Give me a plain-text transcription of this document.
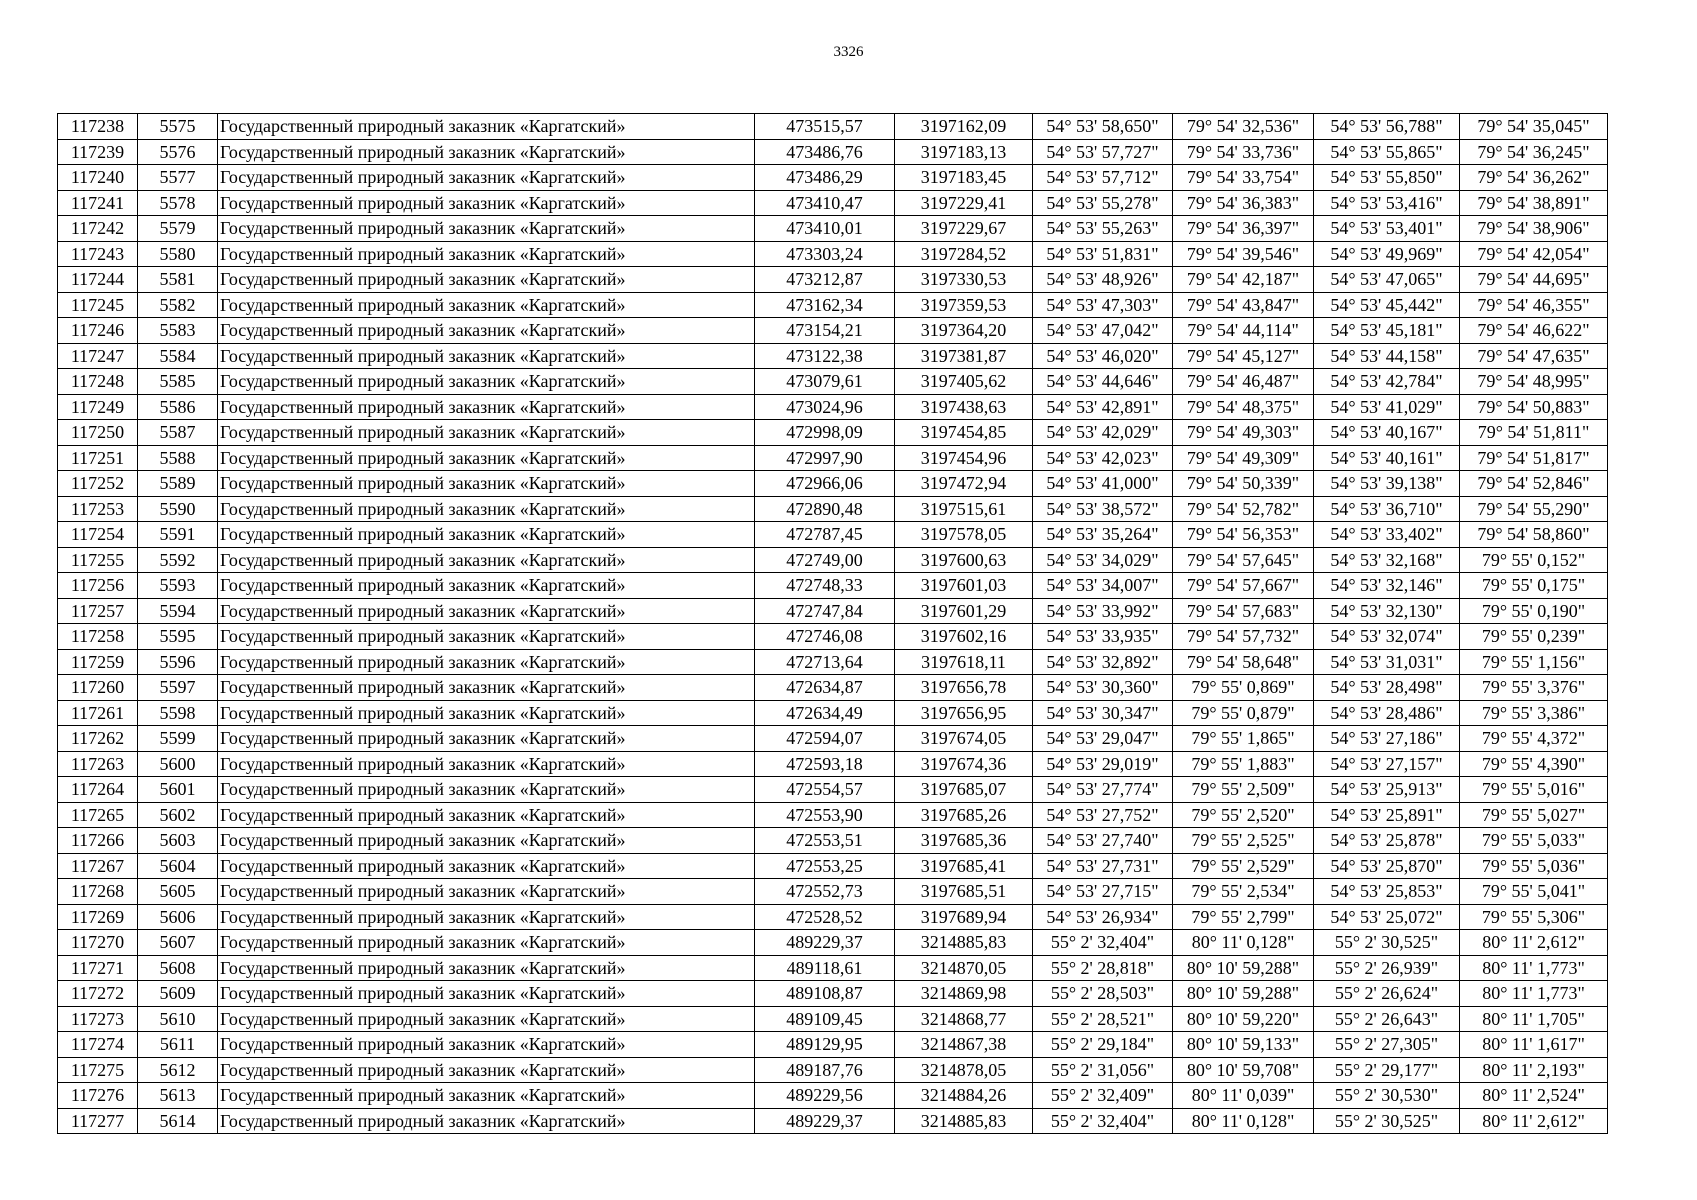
3326
117238	5575	Государственный природный заказник «Каргатский»	473515,57	3197162,09	54° 53' 58,650"	79° 54' 32,536"	54° 53' 56,788"	79° 54' 35,045"
117239	5576	Государственный природный заказник «Каргатский»	473486,76	3197183,13	54° 53' 57,727"	79° 54' 33,736"	54° 53' 55,865"	79° 54' 36,245"
117240	5577	Государственный природный заказник «Каргатский»	473486,29	3197183,45	54° 53' 57,712"	79° 54' 33,754"	54° 53' 55,850"	79° 54' 36,262"
117241	5578	Государственный природный заказник «Каргатский»	473410,47	3197229,41	54° 53' 55,278"	79° 54' 36,383"	54° 53' 53,416"	79° 54' 38,891"
117242	5579	Государственный природный заказник «Каргатский»	473410,01	3197229,67	54° 53' 55,263"	79° 54' 36,397"	54° 53' 53,401"	79° 54' 38,906"
117243	5580	Государственный природный заказник «Каргатский»	473303,24	3197284,52	54° 53' 51,831"	79° 54' 39,546"	54° 53' 49,969"	79° 54' 42,054"
117244	5581	Государственный природный заказник «Каргатский»	473212,87	3197330,53	54° 53' 48,926"	79° 54' 42,187"	54° 53' 47,065"	79° 54' 44,695"
117245	5582	Государственный природный заказник «Каргатский»	473162,34	3197359,53	54° 53' 47,303"	79° 54' 43,847"	54° 53' 45,442"	79° 54' 46,355"
117246	5583	Государственный природный заказник «Каргатский»	473154,21	3197364,20	54° 53' 47,042"	79° 54' 44,114"	54° 53' 45,181"	79° 54' 46,622"
117247	5584	Государственный природный заказник «Каргатский»	473122,38	3197381,87	54° 53' 46,020"	79° 54' 45,127"	54° 53' 44,158"	79° 54' 47,635"
117248	5585	Государственный природный заказник «Каргатский»	473079,61	3197405,62	54° 53' 44,646"	79° 54' 46,487"	54° 53' 42,784"	79° 54' 48,995"
117249	5586	Государственный природный заказник «Каргатский»	473024,96	3197438,63	54° 53' 42,891"	79° 54' 48,375"	54° 53' 41,029"	79° 54' 50,883"
117250	5587	Государственный природный заказник «Каргатский»	472998,09	3197454,85	54° 53' 42,029"	79° 54' 49,303"	54° 53' 40,167"	79° 54' 51,811"
117251	5588	Государственный природный заказник «Каргатский»	472997,90	3197454,96	54° 53' 42,023"	79° 54' 49,309"	54° 53' 40,161"	79° 54' 51,817"
117252	5589	Государственный природный заказник «Каргатский»	472966,06	3197472,94	54° 53' 41,000"	79° 54' 50,339"	54° 53' 39,138"	79° 54' 52,846"
117253	5590	Государственный природный заказник «Каргатский»	472890,48	3197515,61	54° 53' 38,572"	79° 54' 52,782"	54° 53' 36,710"	79° 54' 55,290"
117254	5591	Государственный природный заказник «Каргатский»	472787,45	3197578,05	54° 53' 35,264"	79° 54' 56,353"	54° 53' 33,402"	79° 54' 58,860"
117255	5592	Государственный природный заказник «Каргатский»	472749,00	3197600,63	54° 53' 34,029"	79° 54' 57,645"	54° 53' 32,168"	79° 55' 0,152"
117256	5593	Государственный природный заказник «Каргатский»	472748,33	3197601,03	54° 53' 34,007"	79° 54' 57,667"	54° 53' 32,146"	79° 55' 0,175"
117257	5594	Государственный природный заказник «Каргатский»	472747,84	3197601,29	54° 53' 33,992"	79° 54' 57,683"	54° 53' 32,130"	79° 55' 0,190"
117258	5595	Государственный природный заказник «Каргатский»	472746,08	3197602,16	54° 53' 33,935"	79° 54' 57,732"	54° 53' 32,074"	79° 55' 0,239"
117259	5596	Государственный природный заказник «Каргатский»	472713,64	3197618,11	54° 53' 32,892"	79° 54' 58,648"	54° 53' 31,031"	79° 55' 1,156"
117260	5597	Государственный природный заказник «Каргатский»	472634,87	3197656,78	54° 53' 30,360"	79° 55' 0,869"	54° 53' 28,498"	79° 55' 3,376"
117261	5598	Государственный природный заказник «Каргатский»	472634,49	3197656,95	54° 53' 30,347"	79° 55' 0,879"	54° 53' 28,486"	79° 55' 3,386"
117262	5599	Государственный природный заказник «Каргатский»	472594,07	3197674,05	54° 53' 29,047"	79° 55' 1,865"	54° 53' 27,186"	79° 55' 4,372"
117263	5600	Государственный природный заказник «Каргатский»	472593,18	3197674,36	54° 53' 29,019"	79° 55' 1,883"	54° 53' 27,157"	79° 55' 4,390"
117264	5601	Государственный природный заказник «Каргатский»	472554,57	3197685,07	54° 53' 27,774"	79° 55' 2,509"	54° 53' 25,913"	79° 55' 5,016"
117265	5602	Государственный природный заказник «Каргатский»	472553,90	3197685,26	54° 53' 27,752"	79° 55' 2,520"	54° 53' 25,891"	79° 55' 5,027"
117266	5603	Государственный природный заказник «Каргатский»	472553,51	3197685,36	54° 53' 27,740"	79° 55' 2,525"	54° 53' 25,878"	79° 55' 5,033"
117267	5604	Государственный природный заказник «Каргатский»	472553,25	3197685,41	54° 53' 27,731"	79° 55' 2,529"	54° 53' 25,870"	79° 55' 5,036"
117268	5605	Государственный природный заказник «Каргатский»	472552,73	3197685,51	54° 53' 27,715"	79° 55' 2,534"	54° 53' 25,853"	79° 55' 5,041"
117269	5606	Государственный природный заказник «Каргатский»	472528,52	3197689,94	54° 53' 26,934"	79° 55' 2,799"	54° 53' 25,072"	79° 55' 5,306"
117270	5607	Государственный природный заказник «Каргатский»	489229,37	3214885,83	55° 2' 32,404"	80° 11' 0,128"	55° 2' 30,525"	80° 11' 2,612"
117271	5608	Государственный природный заказник «Каргатский»	489118,61	3214870,05	55° 2' 28,818"	80° 10' 59,288"	55° 2' 26,939"	80° 11' 1,773"
117272	5609	Государственный природный заказник «Каргатский»	489108,87	3214869,98	55° 2' 28,503"	80° 10' 59,288"	55° 2' 26,624"	80° 11' 1,773"
117273	5610	Государственный природный заказник «Каргатский»	489109,45	3214868,77	55° 2' 28,521"	80° 10' 59,220"	55° 2' 26,643"	80° 11' 1,705"
117274	5611	Государственный природный заказник «Каргатский»	489129,95	3214867,38	55° 2' 29,184"	80° 10' 59,133"	55° 2' 27,305"	80° 11' 1,617"
117275	5612	Государственный природный заказник «Каргатский»	489187,76	3214878,05	55° 2' 31,056"	80° 10' 59,708"	55° 2' 29,177"	80° 11' 2,193"
117276	5613	Государственный природный заказник «Каргатский»	489229,56	3214884,26	55° 2' 32,409"	80° 11' 0,039"	55° 2' 30,530"	80° 11' 2,524"
117277	5614	Государственный природный заказник «Каргатский»	489229,37	3214885,83	55° 2' 32,404"	80° 11' 0,128"	55° 2' 30,525"	80° 11' 2,612"
